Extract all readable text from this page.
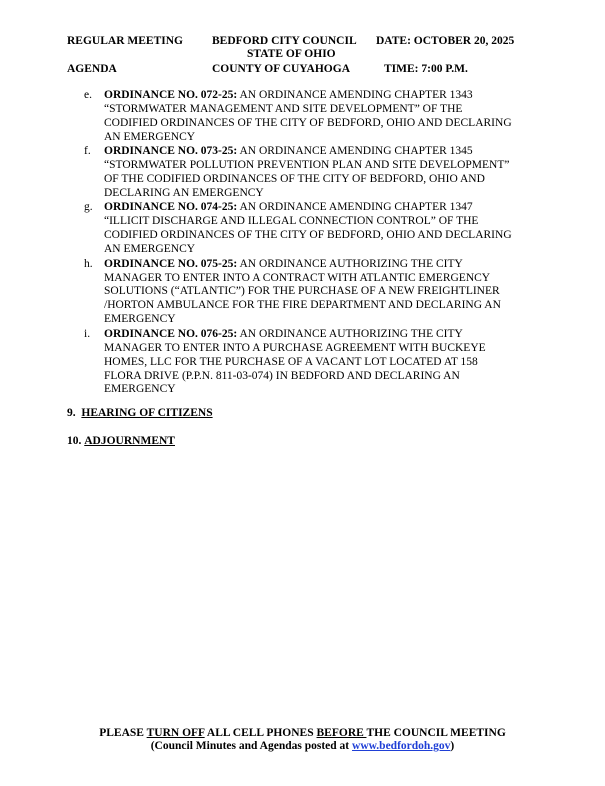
REGULAR MEETING	BEDFORD CITY COUNCIL DATE: OCTOBER 20, 2025
STATE OF OHIO
AGENDA	COUNTY OF CUYAHOGA	TIME: 7:00 P.M.
e. ORDINANCE NO. 072-25: AN ORDINANCE AMENDING CHAPTER 1343
“STORMWATER MANAGEMENT AND SITE DEVELOPMENT” OF THE
CODIFIED ORDINANCES OF THE CITY OF BEDFORD, OHIO AND DECLARING
AN EMERGENCY
f. ORDINANCE NO. 073-25: AN ORDINANCE AMENDING CHAPTER 1345
“STORMWATER POLLUTION PREVENTION PLAN AND SITE DEVELOPMENT”
OF THE CODIFIED ORDINANCES OF THE CITY OF BEDFORD, OHIO AND
DECLARING AN EMERGENCY
g. ORDINANCE NO. 074-25: AN ORDINANCE AMENDING CHAPTER 1347
“ILLICIT DISCHARGE AND ILLEGAL CONNECTION CONTROL” OF THE
CODIFIED ORDINANCES OF THE CITY OF BEDFORD, OHIO AND DECLARING
AN EMERGENCY
h. ORDINANCE NO. 075-25: AN ORDINANCE AUTHORIZING THE CITY
MANAGER TO ENTER INTO A CONTRACT WITH ATLANTIC EMERGENCY
SOLUTIONS (“ATLANTIC”) FOR THE PURCHASE OF A NEW FREIGHTLINER
/HORTON AMBULANCE FOR THE FIRE DEPARTMENT AND DECLARING AN
EMERGENCY
i. ORDINANCE NO. 076-25: AN ORDINANCE AUTHORIZING THE CITY
MANAGER TO ENTER INTO A PURCHASE AGREEMENT WITH BUCKEYE
HOMES, LLC FOR THE PURCHASE OF A VACANT LOT LOCATED AT 158
FLORA DRIVE (P.P.N. 811-03-074) IN BEDFORD AND DECLARING AN
EMERGENCY
9. HEARING OF CITIZENS
10. ADJOURNMENT
PLEASE TURN OFF ALL CELL PHONES BEFORE THE COUNCIL MEETING
(Council Minutes and Agendas posted at www.bedfordoh.gov)
